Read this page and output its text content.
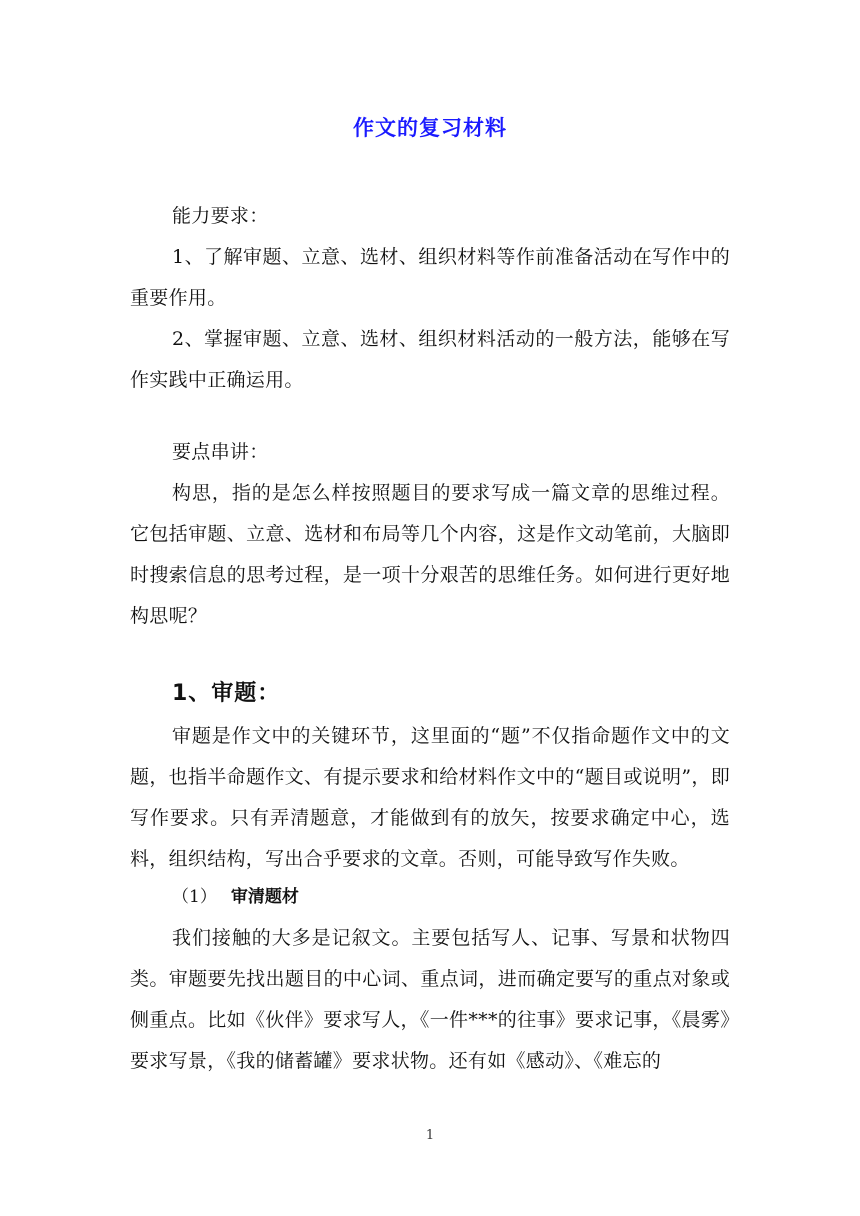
作文的复习材料

能力要求：

1、了解审题、立意、选材、组织材料等作前准备活动在写作中的重要作用。

2、掌握审题、立意、选材、组织材料活动的一般方法，能够在写作实践中正确运用。

要点串讲：

构思，指的是怎么样按照题目的要求写成一篇文章的思维过程。它包括审题、立意、选材和布局等几个内容，这是作文动笔前，大脑即时搜索信息的思考过程，是一项十分艰苦的思维任务。如何进行更好地构思呢？

1、审题：

审题是作文中的关键环节，这里面的“题”不仅指命题作文中的文题，也指半命题作文、有提示要求和给材料作文中的“题目或说明”，即写作要求。只有弄清题意，才能做到有的放矢，按要求确定中心，选料，组织结构，写出合乎要求的文章。否则，可能导致写作失败。

（1） 审清题材

我们接触的大多是记叙文。主要包括写人、记事、写景和状物四类。审题要先找出题目的中心词、重点词，进而确定要写的重点对象或侧重点。比如《伙伴》要求写人，《一件***的往事》要求记事，《晨雾》要求写景，《我的储蓄罐》要求状物。还有如《感动》、《难忘的

1
